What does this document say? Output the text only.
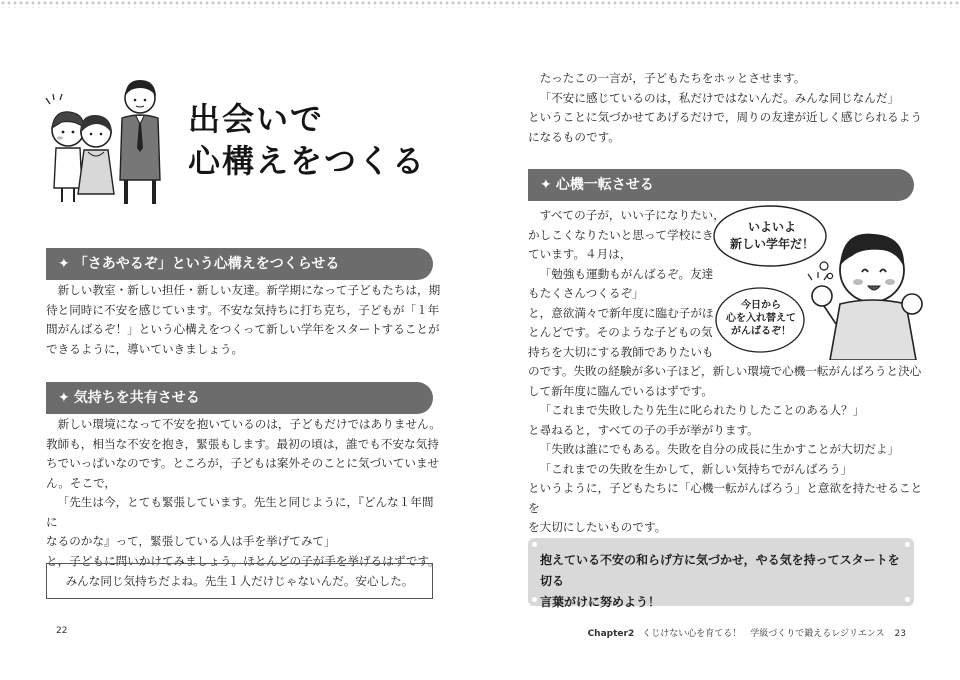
出会いで
心構えをつくる
✦ 「さあやるぞ」という心構えをつくらせる

新しい教室・新しい担任・新しい友達。新学期になって子どもたちは，期

待と同時に不安を感じています。不安な気持ちに打ち克ち，子どもが「１年

間がんばるぞ！」という心構えをつくって新しい学年をスタートすることが

できるように，導いていきましょう。

✦ 気持ちを共有させる

新しい環境になって不安を抱いているのは，子どもだけではありません。

教師も，相当な不安を抱き，緊張もします。最初の頃は，誰でも不安な気持

ちでいっぱいなのです。ところが，子どもは案外そのことに気づいていませ

ん。そこで，

「先生は今，とても緊張しています。先生と同じように，『どんな１年間に

なるのかな』って，緊張している人は手を挙げてみて」

と，子どもに問いかけてみましょう。ほとんどの子が手を挙げるはずです。

みんな同じ気持ちだよね。先生１人だけじゃないんだ。安心した。
22

たったこの一言が，子どもたちをホッとさせます。

「不安に感じているのは，私だけではないんだ。みんな同じなんだ」

ということに気づかせてあげるだけで，周りの友達が近しく感じられるよう

になるものです。

✦ 心機一転させる

すべての子が，いい子になりたい，

かしこくなりたいと思って学校にき

ています。４月は，

「勉強も運動もがんばるぞ。友達

もたくさんつくるぞ」

と，意欲満々で新年度に臨む子がほ

とんどです。そのような子どもの気

持ちを大切にする教師でありたいも

のです。失敗の経験が多い子ほど，新しい環境で心機一転がんばろうと決心

して新年度に臨んでいるはずです。

「これまで失敗したり先生に叱られたりしたことのある人？」

と尋ねると，すべての子の手が挙がります。

「失敗は誰にでもある。失敗を自分の成長に生かすことが大切だよ」

「これまでの失敗を生かして，新しい気持ちでがんばろう」

というように，子どもたちに「心機一転がんばろう」と意欲を持たせることを

を大切にしたいものです。

いよいよ
新しい学年だ！
今日から
心を入れ替えて
がんばるぞ！
抱えている不安の和らげ方に気づかせ，やる気を持ってスタートを切る
言葉がけに努めよう！
Chapter2 くじけない心を育てる！　学級づくりで鍛えるレジリエンス 23
